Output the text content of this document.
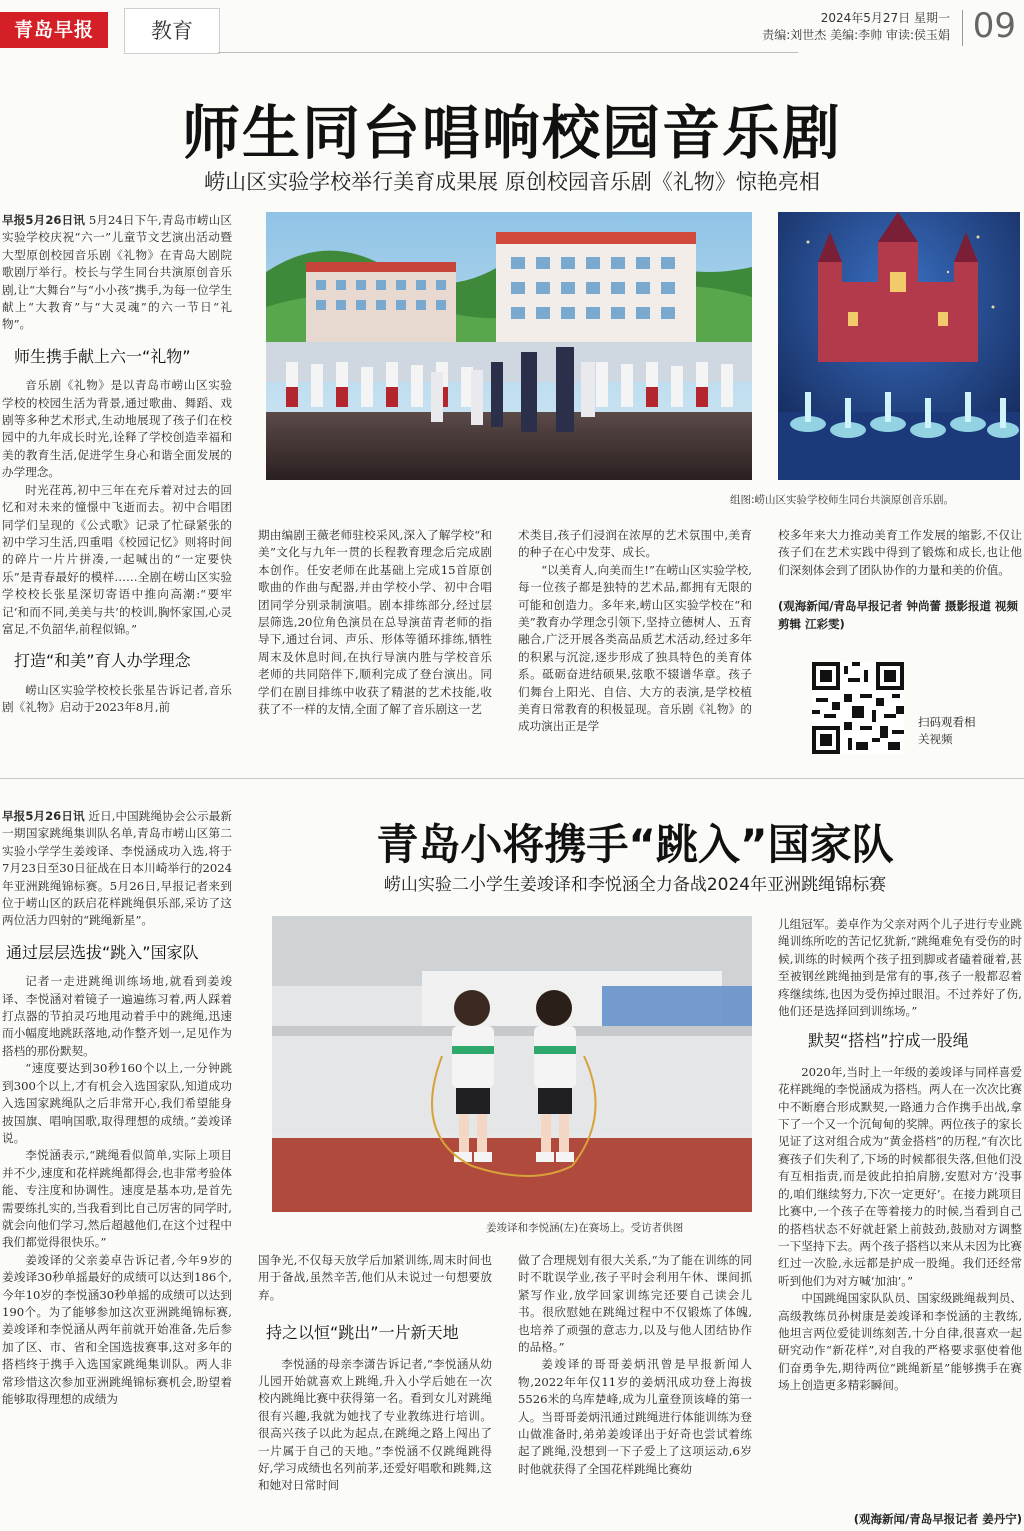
青岛早报	教育
2024年5月27日 星期一
责编:刘世杰 美编:李帅 审读:侯玉娟 09
师生同台唱响校园音乐剧
崂山区实验学校举行美育成果展 原创校园音乐剧《礼物》惊艳亮相

早报5月26日讯 5月24日下午,青岛市崂山区实验学校庆祝“六一”儿童节文艺演出活动暨大型原创校园音乐剧《礼物》在青岛大剧院歌剧厅举行。校长与学生同台共演原创音乐剧,让“大舞台”与“小小孩”携手,为每一位学生献上“大教育”与“大灵魂”的六一节日“礼物”。

师生携手献上六一“礼物”

音乐剧《礼物》是以青岛市崂山区实验学校的校园生活为背景,通过歌曲、舞蹈、戏剧等多种艺术形式,生动地展现了孩子们在校园中的九年成长时光,诠释了学校创造幸福和美的教育生活,促进学生身心和谐全面发展的办学理念。

时光荏苒,初中三年在充斥着对过去的回忆和对未来的憧憬中飞逝而去。初中合唱团同学们呈现的《公式歌》记录了忙碌紧张的初中学习生活,四重唱《校园记忆》则将时间的碎片一片片拼凑,一起喊出的“一定要快乐”是青春最好的模样……全剧在崂山区实验学校校长张星深切寄语中推向高潮:“要牢记‘和而不同,美美与共’的校训,胸怀家国,心灵富足,不负韶华,前程似锦。”

打造“和美”育人办学理念

崂山区实验学校校长张星告诉记者,音乐剧《礼物》启动于2023年8月,前

组图:崂山区实验学校师生同台共演原创音乐剧。

期由编剧王薇老师驻校采风,深入了解学校“和美”文化与九年一贯的长程教育理念后完成剧本创作。任安老师在此基础上完成15首原创歌曲的作曲与配器,并由学校小学、初中合唱团同学分别录制演唱。剧本排练部分,经过层层筛选,20位角色演员在总导演苗青老师的指导下,通过台词、声乐、形体等循环排练,牺牲周末及休息时间,在执行导演内胜与学校音乐老师的共同陪伴下,顺利完成了登台演出。同学们在剧目排练中收获了精湛的艺术技能,收获了不一样的友情,全面了解了音乐剧这一艺

术类目,孩子们浸润在浓厚的艺术氛围中,美育的种子在心中发芽、成长。

“以美育人,向美而生!”在崂山区实验学校,每一位孩子都是独特的艺术品,都拥有无限的可能和创造力。多年来,崂山区实验学校在“和美”教育办学理念引领下,坚持立德树人、五育融合,广泛开展各类高品质艺术活动,经过多年的积累与沉淀,逐步形成了独具特色的美育体系。砥砺奋进结硕果,弦歌不辍谱华章。孩子们舞台上阳光、自信、大方的表演,是学校植美育日常教育的积极显现。音乐剧《礼物》的成功演出正是学

校多年来大力推动美育工作发展的缩影,不仅让孩子们在艺术实践中得到了锻炼和成长,也让他们深刻体会到了团队协作的力量和美的价值。

(观海新闻/青岛早报记者 钟尚蕾 摄影报道 视频剪辑 江彩雯)
扫码观看相关视频
青岛小将携手“跳入”国家队
崂山实验二小学生姜竣译和李悦涵全力备战2024年亚洲跳绳锦标赛

早报5月26日讯 近日,中国跳绳协会公示最新一期国家跳绳集训队名单,青岛市崂山区第二实验小学学生姜竣译、李悦涵成功入选,将于7月23日至30日征战在日本川崎举行的2024年亚洲跳绳锦标赛。5月26日,早报记者来到位于崂山区的跃启花样跳绳俱乐部,采访了这两位活力四射的“跳绳新星”。

通过层层选拔“跳入”国家队

记者一走进跳绳训练场地,就看到姜竣译、李悦涵对着镜子一遍遍练习着,两人踩着打点器的节拍灵巧地甩动着手中的跳绳,迅速而小幅度地跳跃落地,动作整齐划一,足见作为搭档的那份默契。

“速度要达到30秒160个以上,一分钟跳到300个以上,才有机会入选国家队,知道成功入选国家跳绳队之后非常开心,我们希望能身披国旗、唱响国歌,取得理想的成绩。”姜竣译说。

李悦涵表示,“跳绳看似简单,实际上项目并不少,速度和花样跳绳都得会,也非常考验体能、专注度和协调性。速度是基本功,是首先需要练扎实的,当我看到比自己厉害的同学时,就会向他们学习,然后超越他们,在这个过程中我们都觉得很快乐。”

姜竣译的父亲姜卓告诉记者,今年9岁的姜竣译30秒单摇最好的成绩可以达到186个,今年10岁的李悦涵30秒单摇的成绩可以达到190个。为了能够参加这次亚洲跳绳锦标赛,姜竣译和李悦涵从两年前就开始准备,先后参加了区、市、省和全国选拔赛事,这对多年的搭档终于携手入选国家跳绳集训队。两人非常珍惜这次参加亚洲跳绳锦标赛机会,盼望着能够取得理想的成绩为

姜竣译和李悦涵(左)在赛场上。受访者供图

国争光,不仅每天放学后加紧训练,周末时间也用于备战,虽然辛苦,他们从未说过一句想要放弃。

持之以恒“跳出”一片新天地

李悦涵的母亲李潇告诉记者,“李悦涵从幼儿园开始就喜欢上跳绳,升入小学后她在一次校内跳绳比赛中获得第一名。看到女儿对跳绳很有兴趣,我就为她找了专业教练进行培训。很高兴孩子以此为起点,在跳绳之路上闯出了一片属于自己的天地。”李悦涵不仅跳绳跳得好,学习成绩也名列前茅,还爱好唱歌和跳舞,这和她对日常时间

做了合理规划有很大关系,“为了能在训练的同时不耽误学业,孩子平时会利用午休、课间抓紧写作业,放学回家训练完还要自己读会儿书。很欣慰她在跳绳过程中不仅锻炼了体魄,也培养了顽强的意志力,以及与他人团结协作的品格。”

姜竣译的哥哥姜炳汛曾是早报新闻人物,2022年年仅11岁的姜炳汛成功登上海拔5526米的乌库楚峰,成为儿童登顶该峰的第一人。当哥哥姜炳汛通过跳绳进行体能训练为登山做准备时,弟弟姜竣译出于好奇也尝试着练起了跳绳,没想到一下子爱上了这项运动,6岁时他就获得了全国花样跳绳比赛幼

儿组冠军。姜卓作为父亲对两个儿子进行专业跳绳训练所吃的苦记忆犹新,“跳绳难免有受伤的时候,训练的时候两个孩子扭到脚或者磕着碰着,甚至被钢丝跳绳抽到是常有的事,孩子一般都忍着疼继续练,也因为受伤掉过眼泪。不过养好了伤,他们还是选择回到训练场。”

默契“搭档”拧成一股绳

2020年,当时上一年级的姜竣译与同样喜爱花样跳绳的李悦涵成为搭档。两人在一次次比赛中不断磨合形成默契,一路通力合作携手出战,拿下了一个又一个沉甸甸的奖牌。两位孩子的家长见证了这对组合成为“黄金搭档”的历程,“有次比赛孩子们失利了,下场的时候都很失落,但他们没有互相指责,而是彼此拍拍肩膀,安慰对方‘没事的,咱们继续努力,下次一定更好’。在接力跳项目比赛中,一个孩子在等着接力的时候,当看到自己的搭档状态不好就赶紧上前鼓劲,鼓励对方调整一下坚持下去。两个孩子搭档以来从未因为比赛红过一次脸,永远都是护成一股绳。我们还经常听到他们为对方喊‘加油’。”

中国跳绳国家队队员、国家级跳绳裁判员、高级教练员孙树康是姜竣译和李悦涵的主教练,他坦言两位爱徒训练刻苦,十分自律,很喜欢一起研究动作“新花样”,对自我的严格要求驱使着他们奋勇争先,期待两位“跳绳新星”能够携手在赛场上创造更多精彩瞬间。

(观海新闻/青岛早报记者 姜丹宁)
